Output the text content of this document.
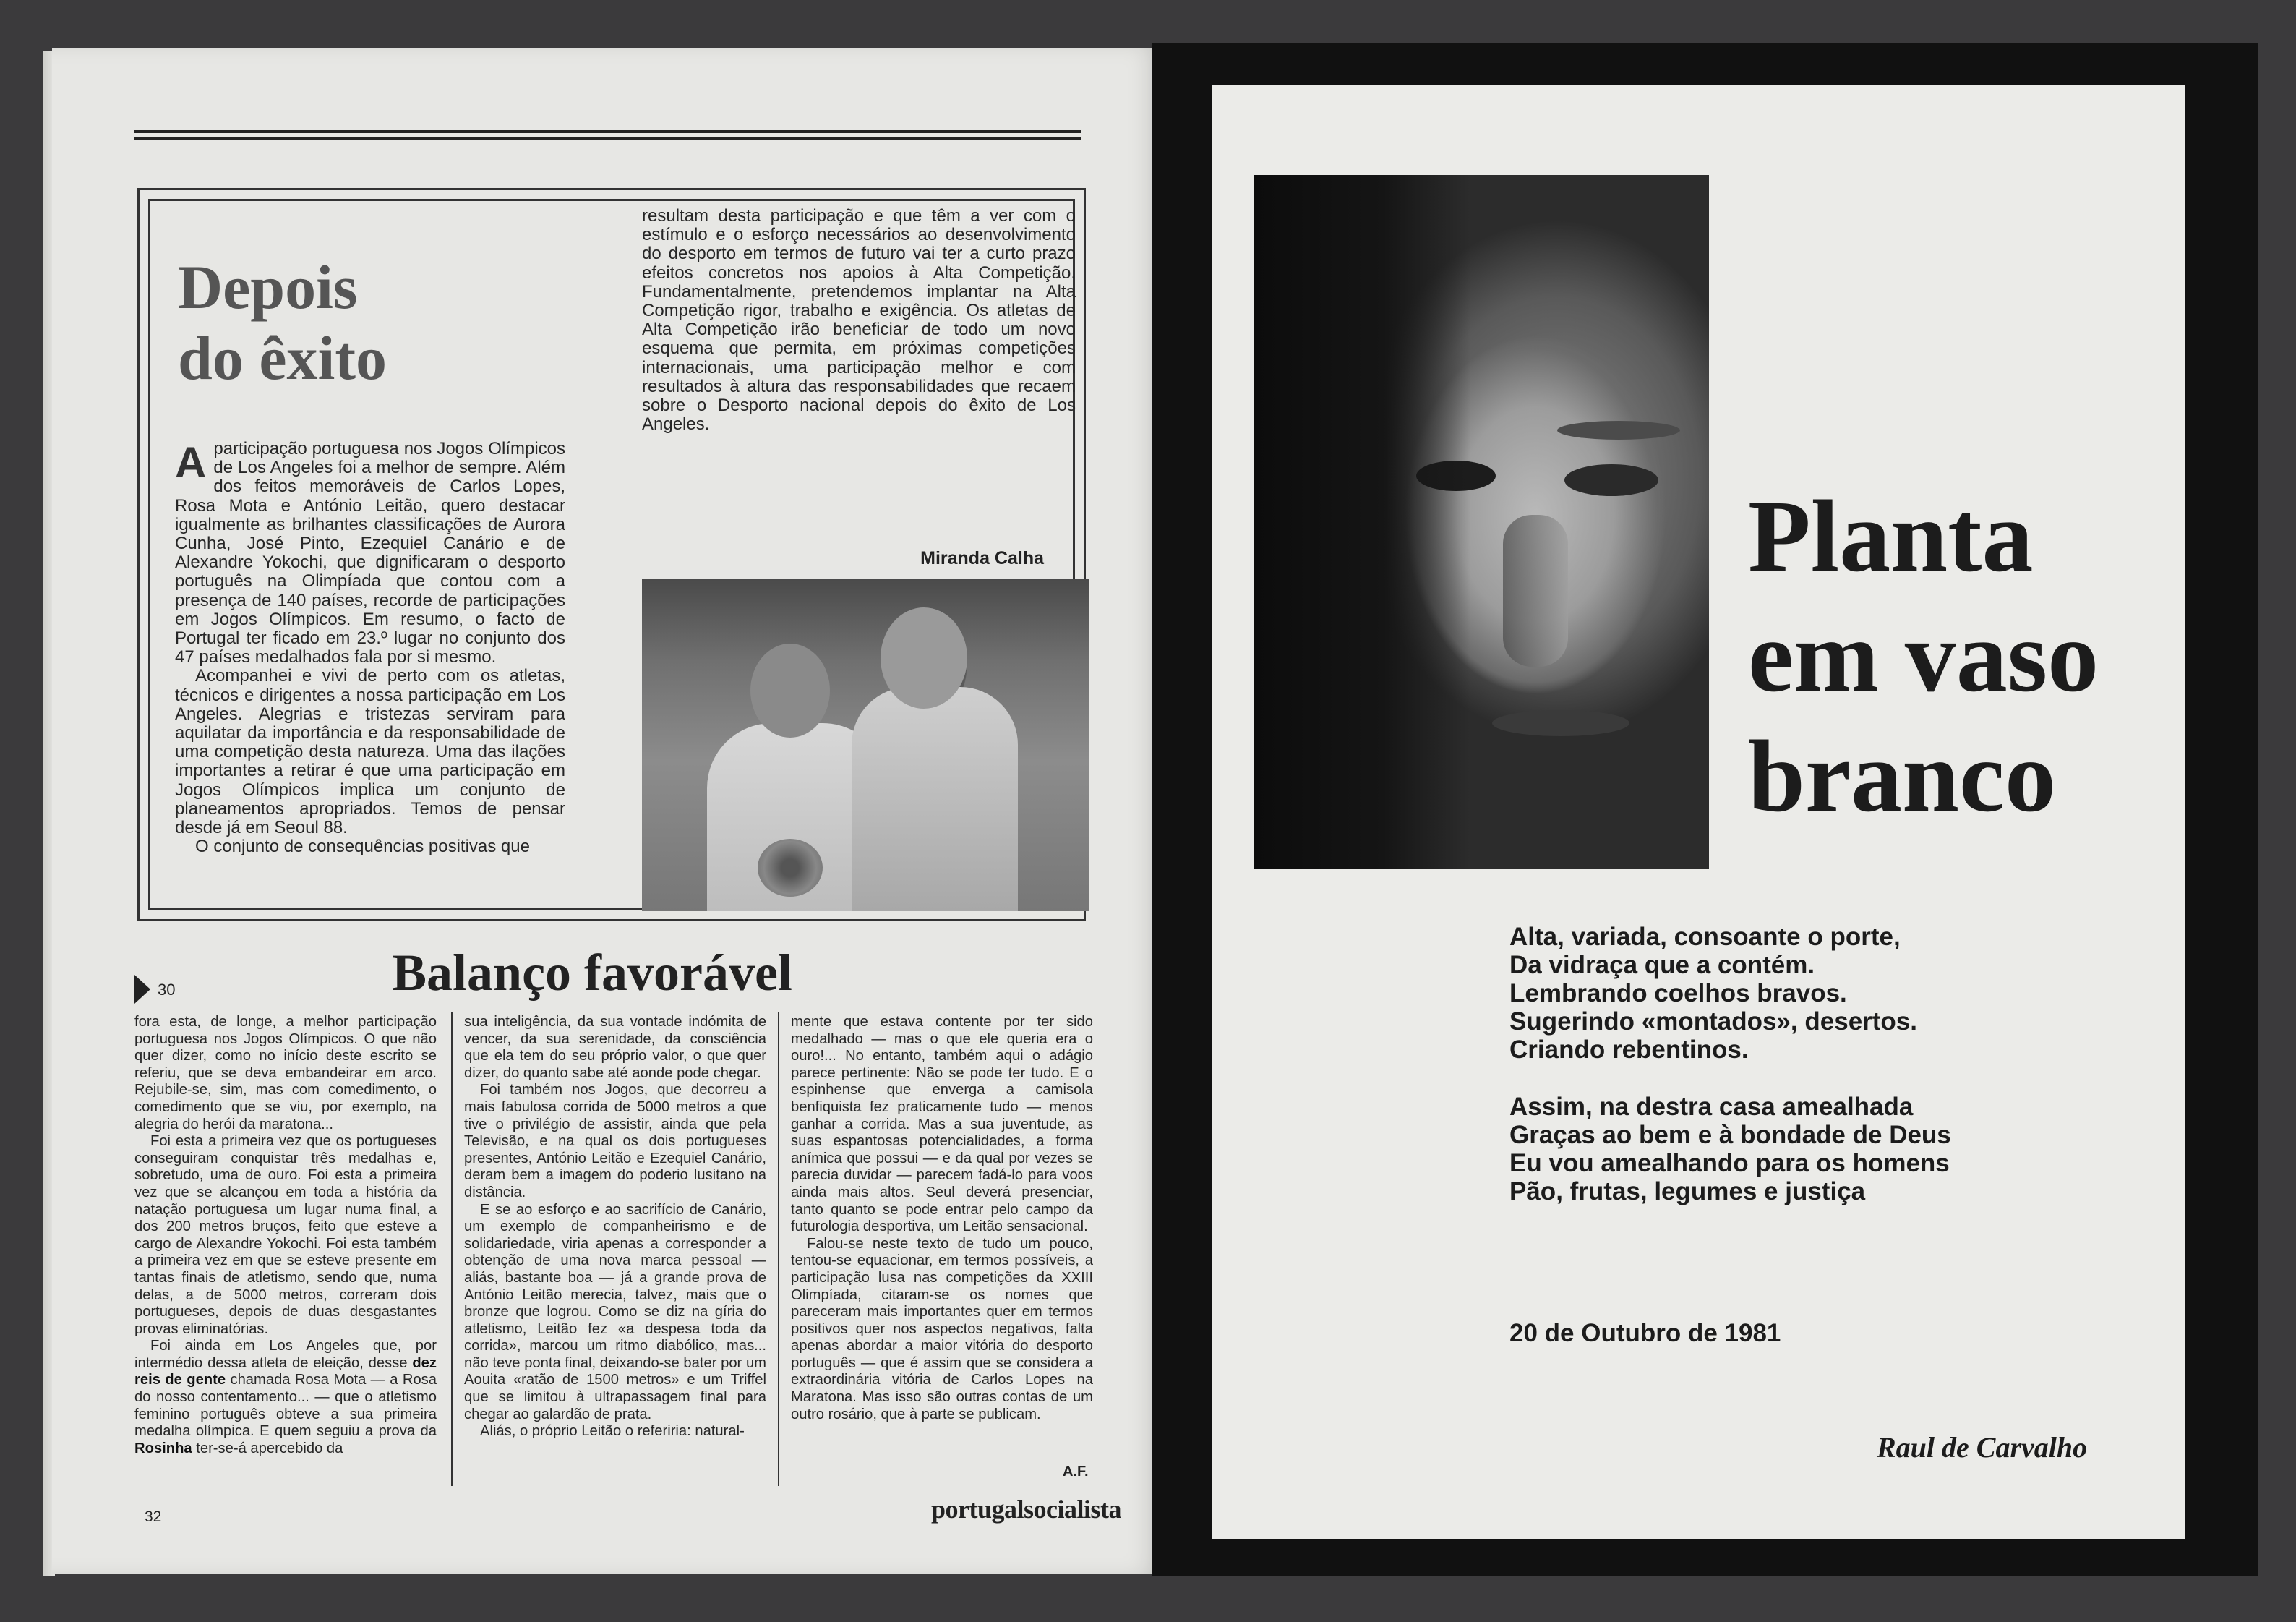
Depois
do êxito

Aparticipação portuguesa nos Jogos Olímpicos de Los Angeles foi a melhor de sempre. Além dos feitos memoráveis de Carlos Lopes, Rosa Mota e António Leitão, quero destacar igualmente as brilhantes classificações de Aurora Cunha, José Pinto, Ezequiel Canário e de Alexandre Yokochi, que dignificaram o desporto português na Olimpíada que contou com a presença de 140 países, recorde de participações em Jogos Olímpicos. Em resumo, o facto de Portugal ter ficado em 23.º lugar no conjunto dos 47 países medalhados fala por si mesmo.

Acompanhei e vivi de perto com os atletas, técnicos e dirigentes a nossa participação em Los Angeles. Alegrias e tristezas serviram para aquilatar da importância e da responsabilidade de uma competição desta natureza. Uma das ilações importantes a retirar é que uma participação em Jogos Olímpicos implica um conjunto de planeamentos apropriados. Temos de pensar desde já em Seoul 88.

O conjunto de consequências positivas que

resultam desta participação e que têm a ver com o estímulo e o esforço necessários ao desenvolvimento do desporto em termos de futuro vai ter a curto prazo efeitos concretos nos apoios à Alta Competição. Fundamentalmente, pretendemos implantar na Alta Competição rigor, trabalho e exigência. Os atletas de Alta Competição irão beneficiar de todo um novo esquema que permita, em próximas competições internacionais, uma participação melhor e com resultados à altura das responsabilidades que recaem sobre o Desporto nacional depois do êxito de Los Angeles.

Miranda Calha
30	Balanço favorável

fora esta, de longe, a melhor participação portuguesa nos Jogos Olímpicos. O que não quer dizer, como no início deste escrito se referiu, que se deva embandeirar em arco. Rejubile-se, sim, mas com comedimento, o comedimento que se viu, por exemplo, na alegria do herói da maratona...

Foi esta a primeira vez que os portugueses conseguiram conquistar três medalhas e, sobretudo, uma de ouro. Foi esta a primeira vez que se alcançou em toda a história da natação portuguesa um lugar numa final, a dos 200 metros bruços, feito que esteve a cargo de Alexandre Yokochi. Foi esta também a primeira vez em que se esteve presente em tantas finais de atletismo, sendo que, numa delas, a de 5000 metros, correram dois portugueses, depois de duas desgastantes provas eliminatórias.

Foi ainda em Los Angeles que, por intermédio dessa atleta de eleição, desse dez reis de gente chamada Rosa Mota — a Rosa do nosso contentamento... — que o atletismo feminino português obteve a sua primeira medalha olímpica. E quem seguiu a prova da Rosinha ter-se-á apercebido da

sua inteligência, da sua vontade indómita de vencer, da sua serenidade, da consciência que ela tem do seu próprio valor, o que quer dizer, do quanto sabe até aonde pode chegar.

Foi também nos Jogos, que decorreu a mais fabulosa corrida de 5000 metros a que tive o privilégio de assistir, ainda que pela Televisão, e na qual os dois portugueses presentes, António Leitão e Ezequiel Canário, deram bem a imagem do poderio lusitano na distância.

E se ao esforço e ao sacrifício de Canário, um exemplo de companheirismo e de solidariedade, viria apenas a corresponder a obtenção de uma nova marca pessoal — aliás, bastante boa — já a grande prova de António Leitão merecia, talvez, mais que o bronze que logrou. Como se diz na gíria do atletismo, Leitão fez «a despesa toda da corrida», marcou um ritmo diabólico, mas... não teve ponta final, deixando-se bater por um Aouita «ratão de 1500 metros» e um Triffel que se limitou à ultrapassagem final para chegar ao galardão de prata.

Aliás, o próprio Leitão o referiria: natural-

mente que estava contente por ter sido medalhado — mas o que ele queria era o ouro!... No entanto, também aqui o adágio parece pertinente: Não se pode ter tudo. E o espinhense que enverga a camisola benfiquista fez praticamente tudo — menos ganhar a corrida. Mas a sua juventude, as suas espantosas potencialidades, a forma anímica que possui — e da qual por vezes se parecia duvidar — parecem fadá-lo para voos ainda mais altos. Seul deverá presenciar, tanto quanto se pode entrar pelo campo da futurologia desportiva, um Leitão sensacional.

Falou-se neste texto de tudo um pouco, tentou-se equacionar, em termos possíveis, a participação lusa nas competições da XXIII Olimpíada, citaram-se os nomes que pareceram mais importantes quer em termos positivos quer nos aspectos negativos, falta apenas abordar a maior vitória do desporto português — que é assim que se considera a extraordinária vitória de Carlos Lopes na Maratona. Mas isso são outras contas de um outro rosário, que à parte se publicam.

A.F.
32	portugalsocialista
Planta
em vaso
branco
Alta, variada, consoante o porte,
Da vidraça que a contém.
Lembrando coelhos bravos.
Sugerindo «montados», desertos.
Criando rebentinos.
Assim, na destra casa amealhada
Graças ao bem e à bondade de Deus
Eu vou amealhando para os homens
Pão, frutas, legumes e justiça
20 de Outubro de 1981
Raul de Carvalho
